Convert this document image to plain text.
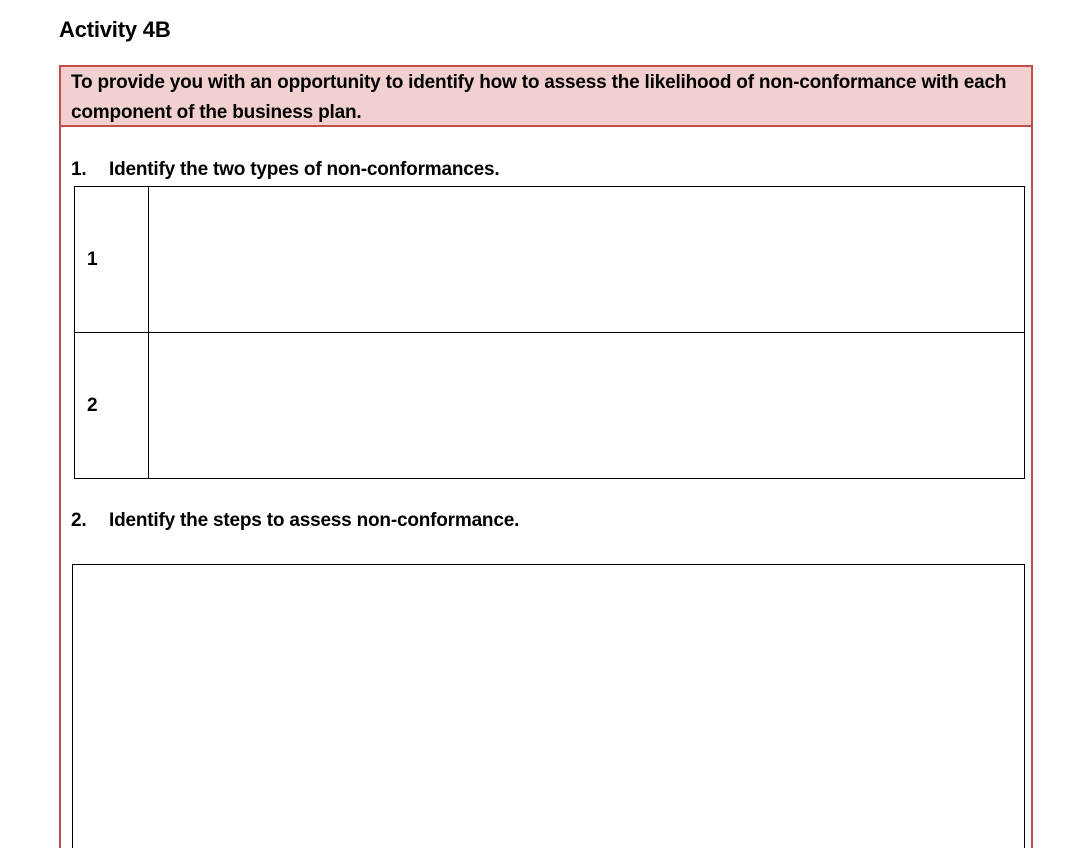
Activity 4B
To provide you with an opportunity to identify how to assess the likelihood of non-conformance with each component of the business plan.

1. Identify the two types of non-conformances.

1	
2	

2. Identify the steps to assess non-conformance.
